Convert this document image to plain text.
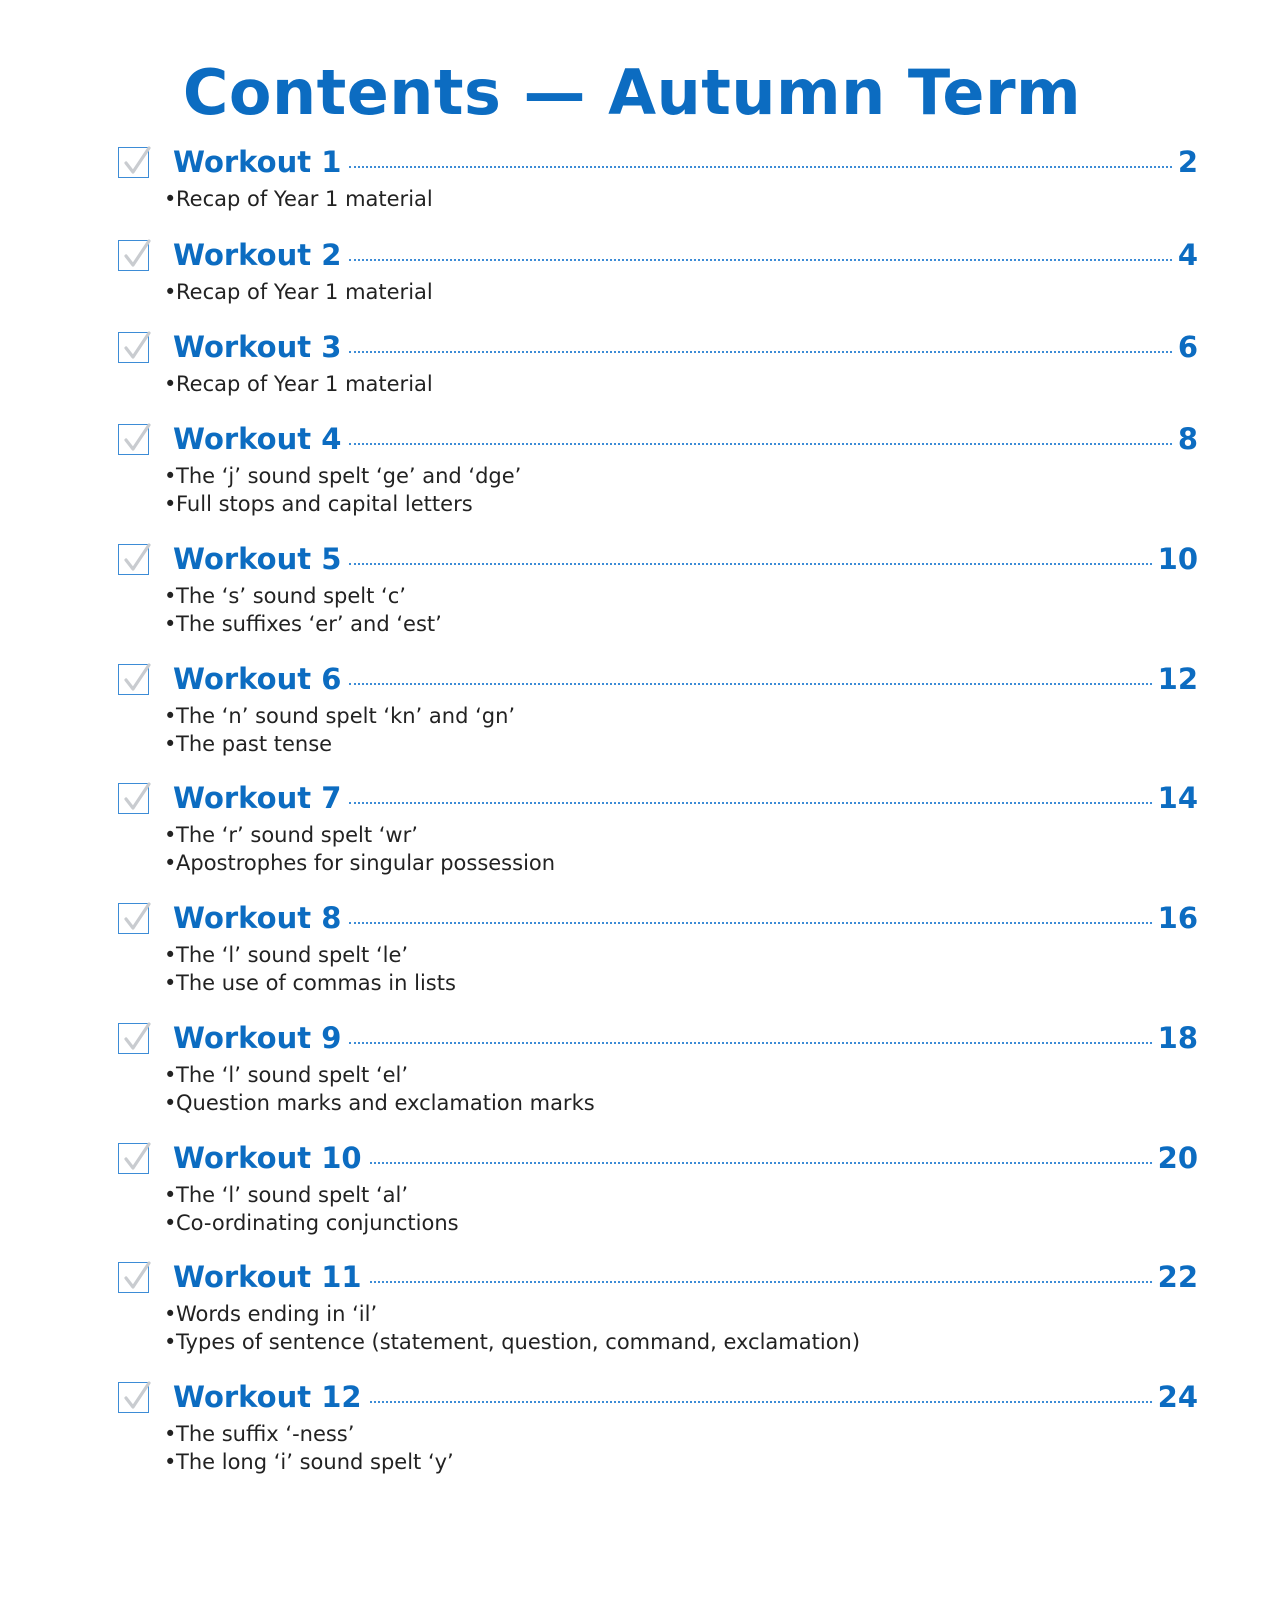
Contents — Autumn Term
Workout 1	2
•Recap of Year 1 material
Workout 2	4
•Recap of Year 1 material
Workout 3	6
•Recap of Year 1 material
Workout 4	8
•The ‘j’ sound spelt ‘ge’ and ‘dge’
•Full stops and capital letters
Workout 5	10
•The ‘s’ sound spelt ‘c’
•The suffixes ‘er’ and ‘est’
Workout 6	12
•The ‘n’ sound spelt ‘kn’ and ‘gn’
•The past tense
Workout 7	14
•The ‘r’ sound spelt ‘wr’
•Apostrophes for singular possession
Workout 8	16
•The ‘l’ sound spelt ‘le’
•The use of commas in lists
Workout 9	18
•The ‘l’ sound spelt ‘el’
•Question marks and exclamation marks
Workout 10	20
•The ‘l’ sound spelt ‘al’
•Co-ordinating conjunctions
Workout 11	22
•Words ending in ‘il’
•Types of sentence (statement, question, command, exclamation)
Workout 12	24
•The suffix ‘-ness’
•The long ‘i’ sound spelt ‘y’
